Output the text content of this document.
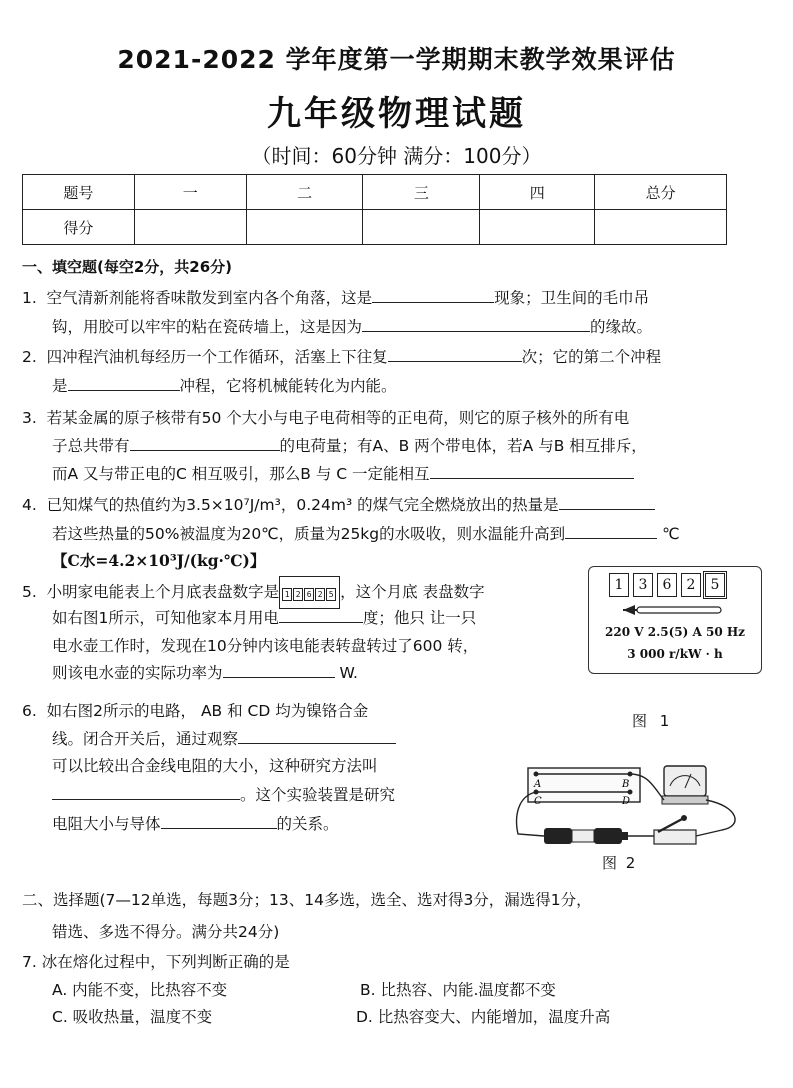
2021-2022 学年度第一学期期末教学效果评估
九年级物理试题
（时间：60分钟 满分：100分）
题号	一	二	三	四	总分
得分					
一、填空题(每空2分，共26分)
1. 空气清新剂能将香味散发到室内各个角落，这是	现象；卫生间的毛巾吊
钩，用胶可以牢牢的粘在瓷砖墙上，这是因为	的缘故。
2. 四冲程汽油机每经历一个工作循环，活塞上下往复	次；它的第二个冲程
是	冲程，它将机械能转化为内能。
3. 若某金属的原子核带有50 个大小与电子电荷相等的正电荷，则它的原子核外的所有电
子总共带有	的电荷量；有A、B 两个带电体，若A 与B 相互排斥，
而A 又与带正电的C 相互吸引，那么B 与 C 一定能相互
4. 已知煤气的热值约为3.5×10⁷J/m³，0.24m³ 的煤气完全燃烧放出的热量是
若这些热量的50%被温度为20℃，质量为25kg的水吸收，则水温能升高到	℃
【C水=4.2×10³J/(kg·℃)】
5. 小明家电能表上个月底表盘数字是 1 2 6 2 5 ，这个月底 表盘数字
如右图1所示，可知他家本月用电	度；他只 让一只
电水壶工作时，发现在10分钟内该电能表转盘转过了600 转，
则该电水壶的实际功率为	W.
1 3 6 2 5
220 V 2.5(5) A 50 Hz
3 000 r/kW · h
图 1
6. 如右图2所示的电路， AB 和 CD 均为镍铬合金
线。闭合开关后，通过观察
可以比较出合金线电阻的大小，这种研究方法叫
。这个实验装置是研究
电阻大小与导体	的关系。
A	B
C	D
图 2
二、选择题(7—12单选，每题3分；13、14多选，选全、选对得3分，漏选得1分，
错选、多选不得分。满分共24分)
7. 冰在熔化过程中，下列判断正确的是
A. 内能不变，比热容不变	B. 比热容、内能.温度都不变
C. 吸收热量，温度不变	D. 比热容变大、内能增加，温度升高
